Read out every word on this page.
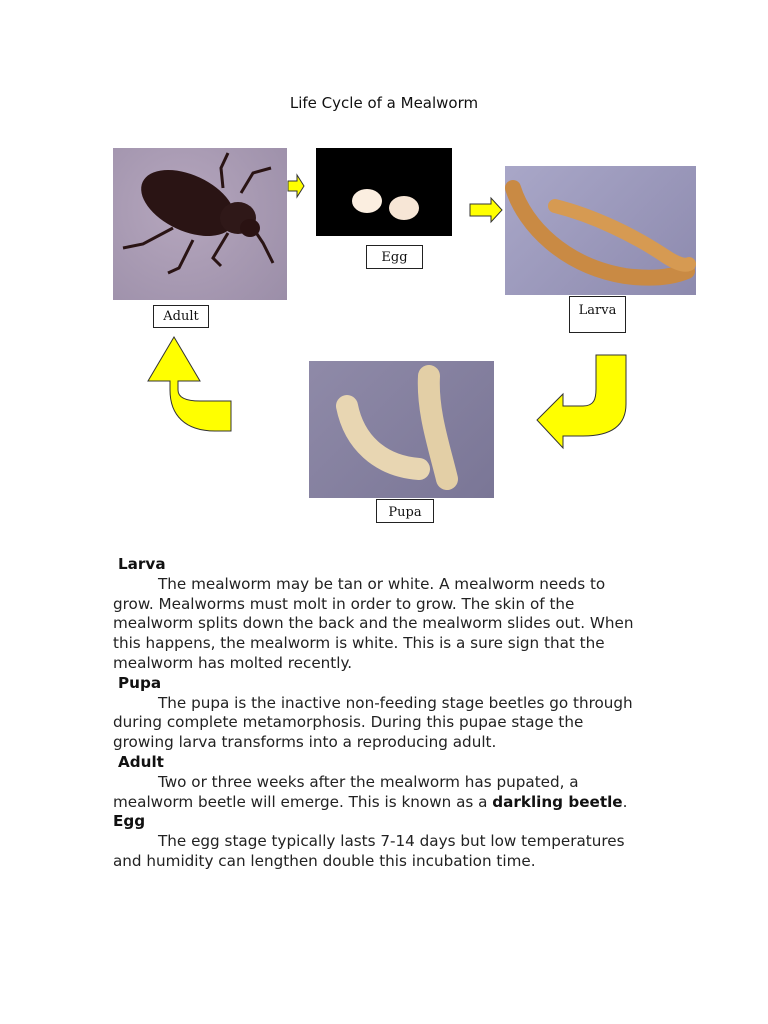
Life Cycle of a Mealworm
Adult
Egg
Larva
Pupa
Larva
The mealworm may be tan or white. A mealworm needs to
grow. Mealworms must molt in order to grow. The skin of the
mealworm splits down the back and the mealworm slides out. When
this happens, the mealworm is white. This is a sure sign that the
mealworm has molted recently.
Pupa
The pupa is the inactive non-feeding stage beetles go through
during complete metamorphosis. During this pupae stage the
growing larva transforms into a reproducing adult.
Adult
Two or three weeks after the mealworm has pupated, a
mealworm beetle will emerge. This is known as a darkling beetle.
Egg
The egg stage typically lasts 7-14 days but low temperatures
and humidity can lengthen double this incubation time.
